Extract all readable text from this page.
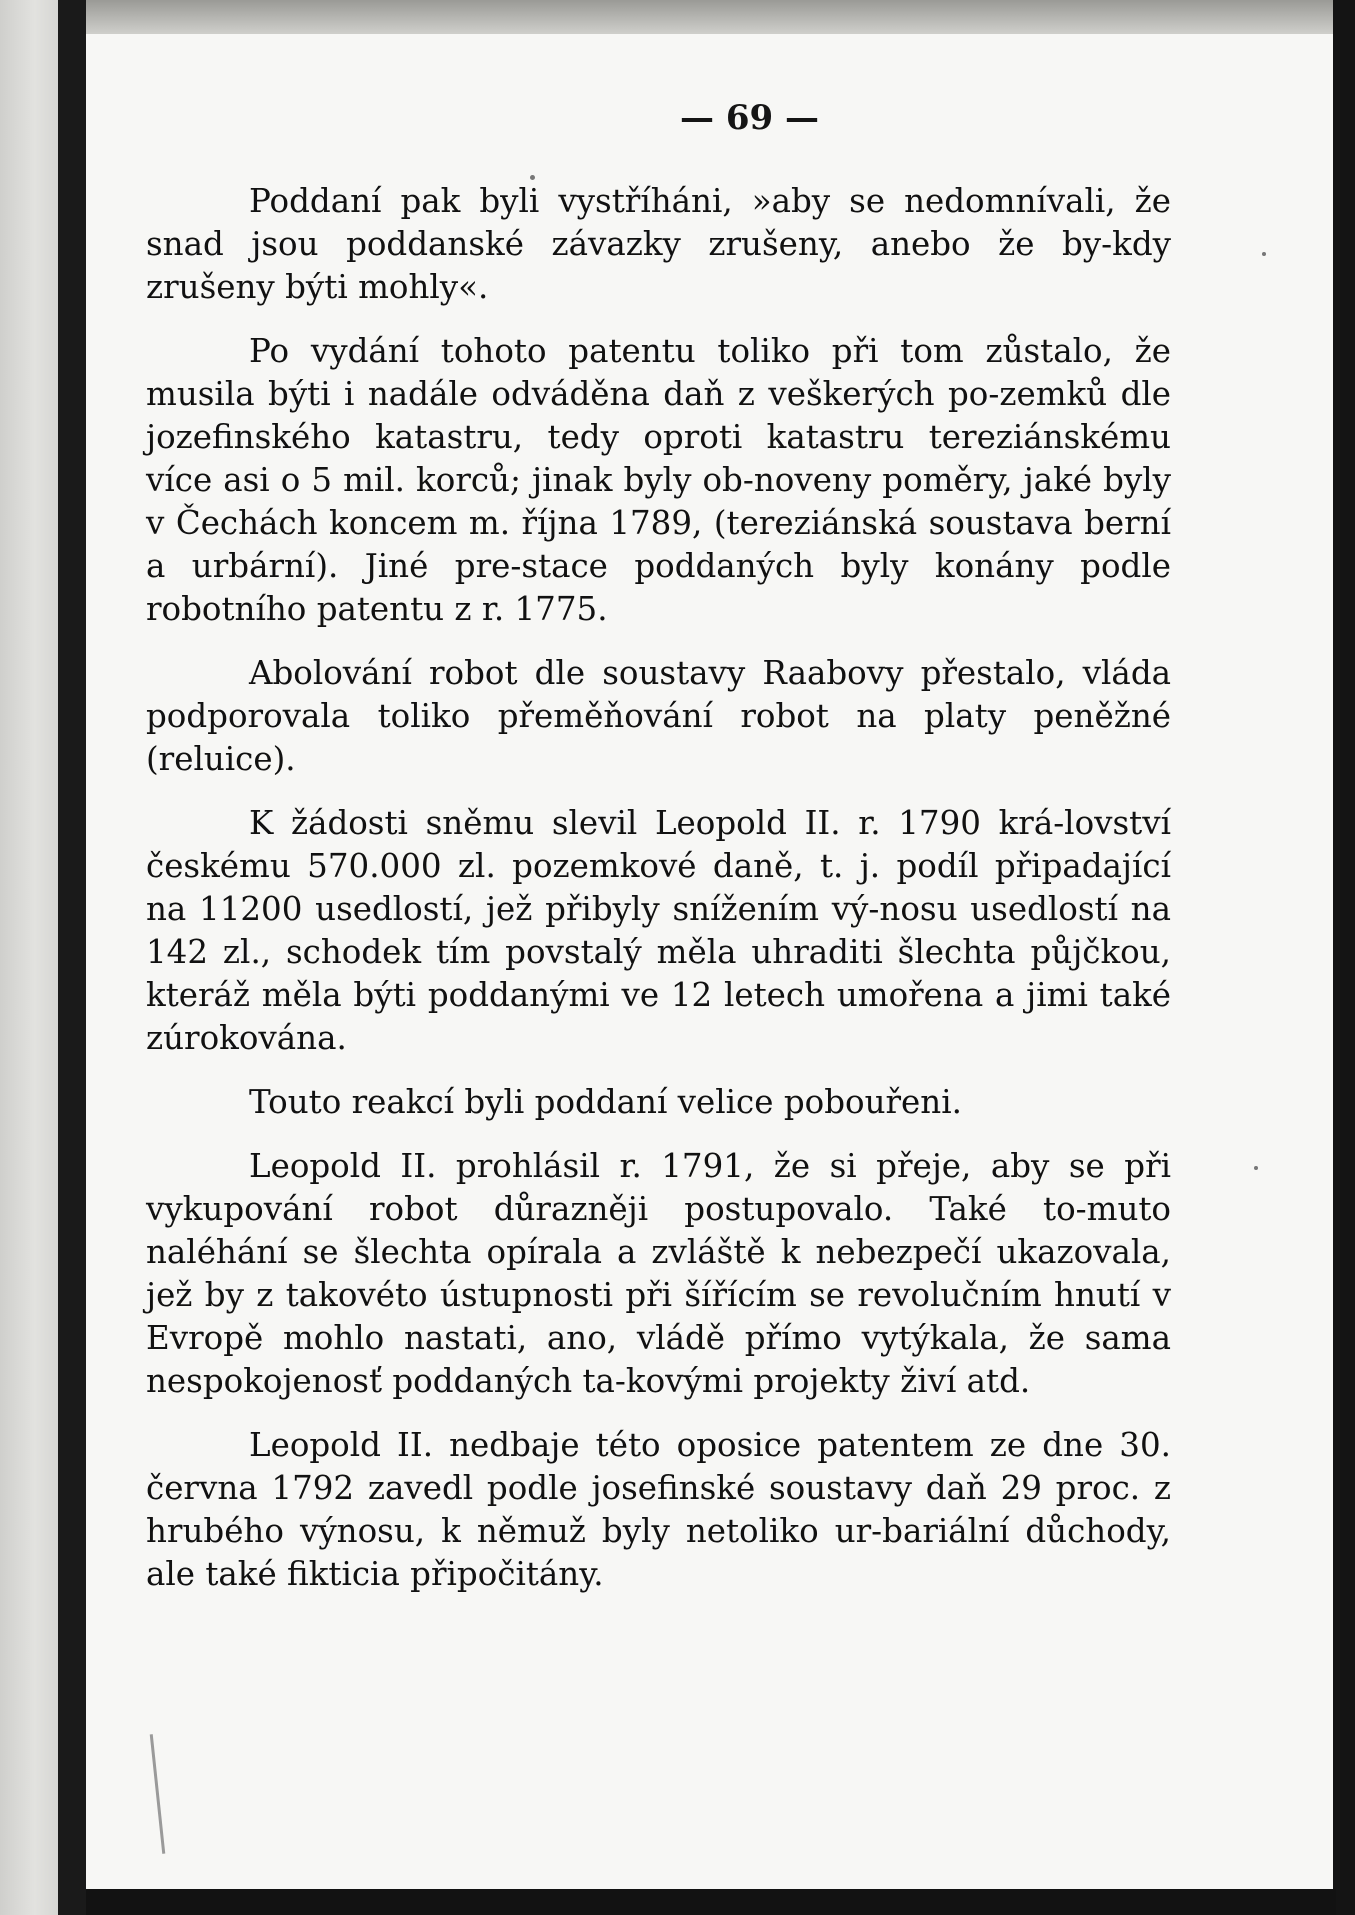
— 69 —

Poddaní pak byli vystříháni, »aby se nedomnívali, že snad jsou poddanské závazky zrušeny, anebo že by-kdy zrušeny býti mohly«.

Po vydání tohoto patentu toliko při tom zůstalo, že musila býti i nadále odváděna daň z veškerých po-zemků dle jozefinského katastru, tedy oproti katastru tereziánskému více asi o 5 mil. korců; jinak byly ob-noveny poměry, jaké byly v Čechách koncem m. října 1789, (tereziánská soustava berní a urbární). Jiné pre-stace poddaných byly konány podle robotního patentu z r. 1775.

Abolování robot dle soustavy Raabovy přestalo, vláda podporovala toliko přeměňování robot na platy peněžné (reluice).

K žádosti sněmu slevil Leopold II. r. 1790 krá-lovství českému 570.000 zl. pozemkové daně, t. j. podíl připadající na 11200 usedlostí, jež přibyly snížením vý-nosu usedlostí na 142 zl., schodek tím povstalý měla uhraditi šlechta půjčkou, kteráž měla býti poddanými ve 12 letech umořena a jimi také zúrokována.

Touto reakcí byli poddaní velice pobouřeni.

Leopold II. prohlásil r. 1791, že si přeje, aby se při vykupování robot důrazněji postupovalo. Také to-muto naléhání se šlechta opírala a zvláště k nebezpečí ukazovala, jež by z takovéto ústupnosti při šířícím se revolučním hnutí v Evropě mohlo nastati, ano, vládě přímo vytýkala, že sama nespokojenosť poddaných ta-kovými projekty živí atd.

Leopold II. nedbaje této oposice patentem ze dne 30. června 1792 zavedl podle josefinské soustavy daň 29 proc. z hrubého výnosu, k němuž byly netoliko ur-bariální důchody, ale také fikticia připočitány.
